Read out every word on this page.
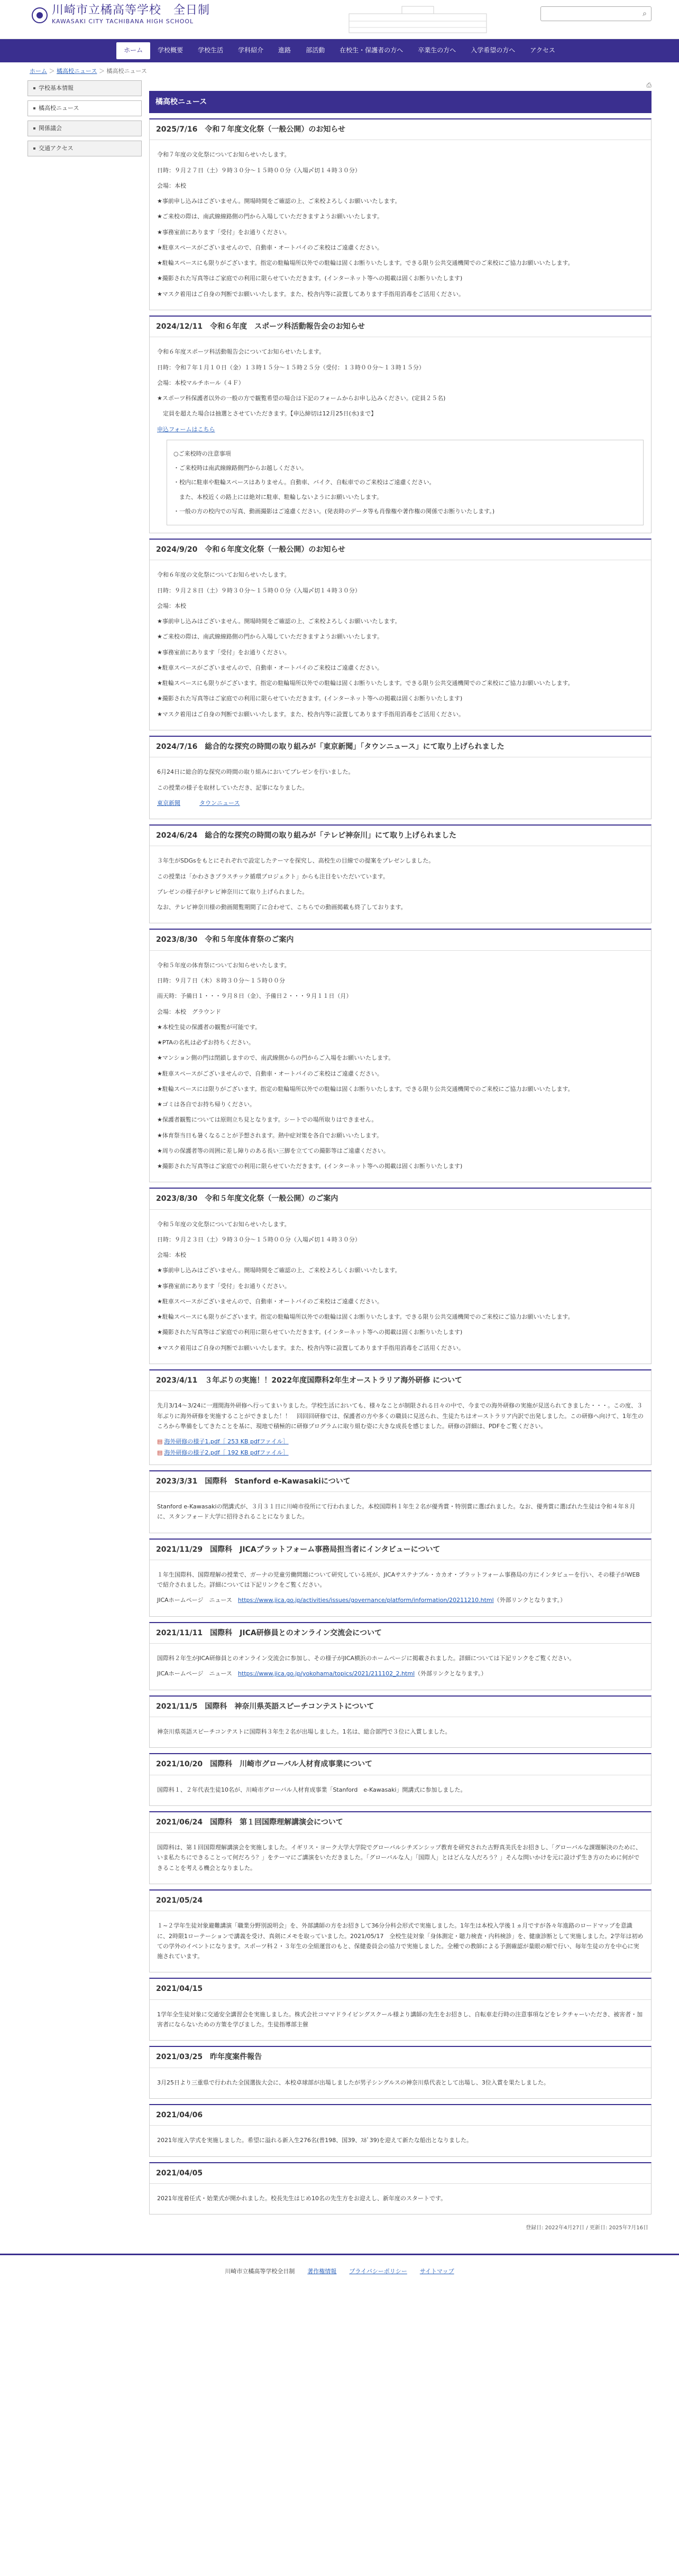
川崎市立橘高等学校　全日制
KAWASAKI CITY TACHIBANA HIGH SCHOOL
⌕
ホーム	学校概要	学校生活	学科紹介	進路	部活動	在校生・保護者の方へ	卒業生の方へ	入学希望の方へ	アクセス
ホーム ＞ 橘高校ニュース ＞ 橘高校ニュース
学校基本情報
橘高校ニュース
関係議会
交通アクセス
⎙
橘高校ニュース
2025/7/16　令和７年度文化祭（一般公開）のお知らせ

令和７年度の文化祭についてお知らせいたします。

日時：９月２７日（土）９時３０分～１５時００分（入場〆切１４時３０分）

会場：本校

★事前申し込みはございません。開場時間をご確認の上、ご来校よろしくお願いいたします。

★ご来校の際は、南武線線路側の門から入場していただきますようお願いいたします。

★事務室前にあります「受付」をお通りください。

★駐車スペースがございませんので、自動車・オートバイのご来校はご遠慮ください。

★駐輪スペースにも限りがございます。指定の駐輪場所以外での駐輪は固くお断りいたします。できる限り公共交通機関でのご来校にご協力お願いいたします。

★撮影された写真等はご家庭での利用に限らせていただきます。(インターネット等への掲載は固くお断りいたします)

★マスク着用はご自身の判断でお願いいたします。また、校舎内等に設置してあります手指用消毒をご活用ください。

2024/12/11　令和６年度　スポーツ科活動報告会のお知らせ

令和６年度スポーツ科活動報告会についてお知らせいたします。

日時：令和７年１月１０日（金）１３時１５分～１５時２５分（受付：１３時００分～１３時１５分）

会場：本校マルチホール（４Ｆ）

★スポーツ科保護者以外の一般の方で観覧希望の場合は下記のフォームからお申し込みください。(定員２５名)

　定員を超えた場合は抽選とさせていただきます。【申込締切は12月25日(水)まで】

申込フォームはこちら

○ご来校時の注意事項

・ご来校時は南武線線路側門からお越しください。

・校内に駐車や駐輪スペースはありません。自動車、バイク、自転車でのご来校はご遠慮ください。

　また、本校近くの路上には絶対に駐車、駐輪しないようにお願いいたします。

・一般の方の校内での写真、動画撮影はご遠慮ください。(発表時のデータ等も肖像権や著作権の関係でお断りいたします。)

2024/9/20　令和６年度文化祭（一般公開）のお知らせ

令和６年度の文化祭についてお知らせいたします。

日時：９月２８日（土）９時３０分～１５時００分（入場〆切１４時３０分）

会場：本校

★事前申し込みはございません。開場時間をご確認の上、ご来校よろしくお願いいたします。

★ご来校の際は、南武線線路側の門から入場していただきますようお願いいたします。

★事務室前にあります「受付」をお通りください。

★駐車スペースがございませんので、自動車・オートバイのご来校はご遠慮ください。

★駐輪スペースにも限りがございます。指定の駐輪場所以外での駐輪は固くお断りいたします。できる限り公共交通機関でのご来校にご協力お願いいたします。

★撮影された写真等はご家庭での利用に限らせていただきます。(インターネット等への掲載は固くお断りいたします)

★マスク着用はご自身の判断でお願いいたします。また、校舎内等に設置してあります手指用消毒をご活用ください。

2024/7/16　総合的な探究の時間の取り組みが「東京新聞」「タウンニュース」にて取り上げられました

6月24日に総合的な探究の時間の取り組みにおいてプレゼンを行いました。

この授業の様子を取材していただき、記事になりました。

東京新聞	タウンニュース

2024/6/24　総合的な探究の時間の取り組みが「テレビ神奈川」にて取り上げられました

３年生がSDGsをもとにそれぞれで設定したテーマを探究し、高校生の目線での提案をプレゼンしました。

この授業は「かわさきプラスチック循環プロジェクト」からも注目をいただいています。

プレゼンの様子がテレビ神奈川にて取り上げられました。

なお、テレビ神奈川様の動画閲覧期間了に合わせて、こちらでの動画掲載も終了しております。

2023/8/30　令和５年度体育祭のご案内

令和５年度の体育祭についてお知らせいたします。

日時：９月７日（木）８時３０分～１５時００分

雨天時：予備日１・・・９月８日（金）、予備日２・・・９月１１日（月）

会場：本校　グラウンド

★本校生徒の保護者の観覧が可能です。

★PTAの名札は必ずお持ちください。

★マンション側の門は閉鎖しますので、南武線側からの門からご入場をお願いいたします。

★駐車スペースがございませんので、自動車・オートバイのご来校はご遠慮ください。

★駐輪スペースには限りがございます。指定の駐輪場所以外での駐輪は固くお断りいたします。できる限り公共交通機関でのご来校にご協力お願いいたします。

★ゴミは各自でお持ち帰りください。

★保護者観覧については原則立ち見となります。シートでの場所取りはできません。

★体育祭当日も暑くなることが予想されます。熱中症対策を各自でお願いいたします。

★周りの保護者等の周囲に差し障りのある長い三脚を立てての撮影等はご遠慮ください。

★撮影された写真等はご家庭での利用に限らせていただきます。(インターネット等への掲載は固くお断りいたします)

2023/8/30　令和５年度文化祭（一般公開）のご案内

令和５年度の文化祭についてお知らせいたします。

日時：９月２３日（土）９時３０分～１５時００分（入場〆切１４時３０分）

会場：本校

★事前申し込みはございません。開場時間をご確認の上、ご来校よろしくお願いいたします。

★事務室前にあります「受付」をお通りください。

★駐車スペースがございませんので、自動車・オートバイのご来校はご遠慮ください。

★駐輪スペースにも限りがございます。指定の駐輪場所以外での駐輪は固くお断りいたします。できる限り公共交通機関でのご来校にご協力お願いいたします。

★撮影された写真等はご家庭での利用に限らせていただきます。(インターネット等への掲載は固くお断りいたします)

★マスク着用はご自身の判断でお願いいたします。また、校舎内等に設置してあります手指用消毒をご活用ください。

2023/4/11　３年ぶりの実施！！2022年度国際科2年生オーストラリア海外研修 について

先月3/14～3/24に一週間海外研修へ行ってまいりました。学校生活においても、様々なことが制限される日々の中で、今までの海外研修の実施が見送られてきました・・・。この度、３年ぶりに海外研修を実施することができました！！　回回回研修では、保護者の方や多くの職員に見送られ、生徒たちはオーストラリア内訳で出発しました。この研修へ向けて、1年生のころから準備をしてきたことを基に、現地で積極的に研修プログラムに取り組む姿に大きな成長を感じました。研修の詳細は、PDFをご覧ください。

▤ 海外研修の様子1.pdf［ 253 KB pdfファイル］

▤ 海外研修の様子2.pdf［ 192 KB pdfファイル］

2023/3/31　国際科　Stanford e-Kawasakiについて

Stanford e-Kawasakiの閉講式が、３月３１日に川崎市役所にて行われました。本校国際科１年生２名が優秀賞・特別賞に選ばれました。なお、優秀賞に選ばれた生徒は令和４年８月に、スタンフォード大学に招待されることになりました。

2021/11/29　国際科　JICAプラットフォーム事務局担当者にインタビューについて

１年生国際科、国際理解の授業で、ガーナの児童労働問題について研究している班が、JICAサステナブル・カカオ・プラットフォーム事務局の方にインタビューを行い、その様子がWEBで紹介されました。詳細については下記リンクをご覧ください。

JICAホームページ　ニュース　https://www.jica.go.jp/activities/issues/governance/platform/information/20211210.html（外部リンクとなります。）

2021/11/11　国際科　JICA研修員とのオンライン交流会について

国際科２年生がJICA研修員とのオンライン交流会に参加し、その様子がJICA横浜のホームページに掲載されました。詳細については下記リンクをご覧ください。

JICAホームページ　ニュース　https://www.jica.go.jp/yokohama/topics/2021/211102_2.html（外部リンクとなります。）

2021/11/5　国際科　神奈川県英語スピーチコンテストについて

神奈川県英語スピーチコンテストに国際科３年生２名が出場しました。1名は、総合部門で３位に入賞しました。

2021/10/20　国際科　川崎市グローバル人材育成事業について

国際科１、２年代表生徒10名が、川崎市グローバル人材育成事業「Stanford　e-Kawasaki」開講式に参加しました。

2021/06/24　国際科　第１回国際理解講演会について

国際科は、第１回国際理解講演会を実施しました。イギリス・ヨーク大学大学院でグローバルシチズンシップ教育を研究された古野真美氏をお招きし、「グローバルな課題解決のために、いま私たちにできることって何だろう？」をテーマにご講演をいただきました。「グローバルな人」「国際人」とはどんな人だろう？」そんな問いかけを元に設けず生き方のために何ができることを考える機会となりました。

2021/05/24

１~２学年生徒対象避難講演「職業分野別説明会」を、外部講師の方をお招きして36分分科会形式で実施しました。1年生は本校入学後１ヵ月ですが各々年進路のロードマップを意識に、2時限1ローテーションで講義を受け、真剣にメモを取っていました。2021/05/17　全校生徒対象「身体測定・聴力検査・内科検診」を、健康診断として実施しました。2学年は初めての学外のイベントになります。スポーツ科２・３年生の全組運営のもと、保健委員会の協力で実施しました。全種での教師による予測確認が量眼の順で行い、毎年生徒の方を中心に実施されています。

2021/04/15

1学年全生徒対象に交通安全講習会を実施しました。株式会社コママドライビングスクール様より講師の先生をお招きし、自転車走行時の注意事項などをレクチャーいただき、被害者・加害者にならないための方策を学びました。生徒指導部主催

2021/03/25　昨年度案件報告

3月25日より三重県で行われた全国選抜大会に、本校卓球部が出場しましたが男子シングルスの神奈川県代表として出場し、3位入賞を果たしました。

2021/04/06

2021年度入学式を実施しました。希望に溢れる新入生276名(普198、国39、ｽﾎﾟ39)を迎えて新たな船出となりました。

2021/04/05

2021年度着任式・始業式が開かれました。校長先生はじめ10名の先生方をお迎えし、新年度のスタートです。

登録日: 2022年4月27日 / 更新日: 2025年7月16日
川崎市立橘高等学校全日制 著作権情報 プライバシーポリシー サイトマップ
